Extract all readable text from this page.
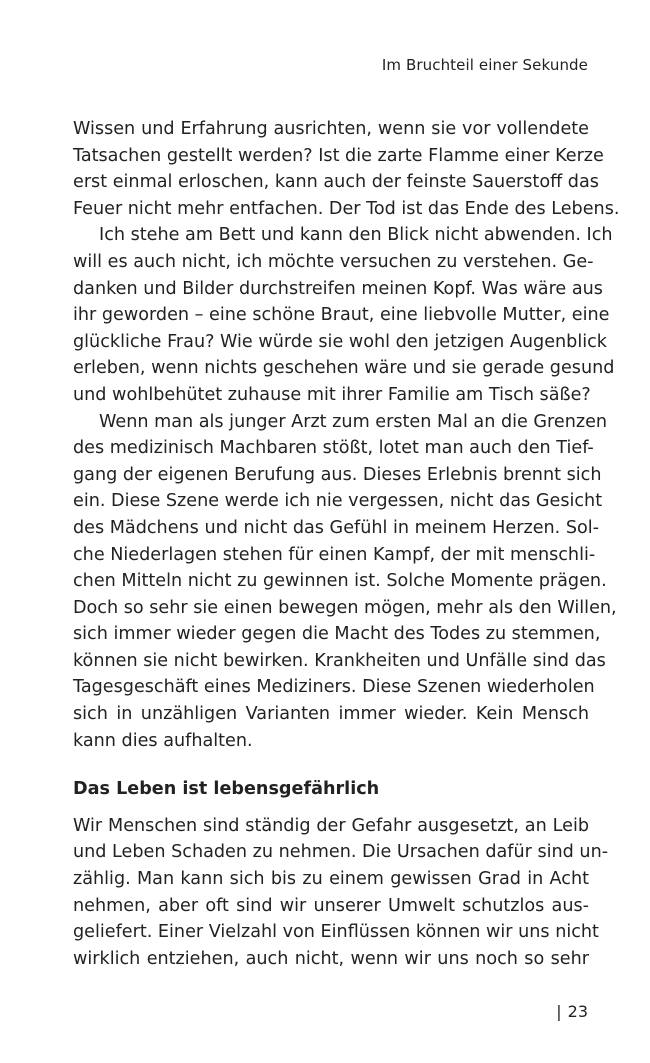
Im Bruchteil einer Sekunde
Wissen und Erfahrung ausrichten, wenn sie vor vollendete
Tatsachen gestellt werden? Ist die zarte Flamme einer Kerze
erst einmal erloschen, kann auch der feinste Sauerstoff das
Feuer nicht mehr entfachen. Der Tod ist das Ende des Lebens.
Ich stehe am Bett und kann den Blick nicht abwenden. Ich
will es auch nicht, ich möchte versuchen zu verstehen. Ge-
danken und Bilder durchstreifen meinen Kopf. Was wäre aus
ihr geworden – eine schöne Braut, eine liebvolle Mutter, eine
glückliche Frau? Wie würde sie wohl den jetzigen Augenblick
erleben, wenn nichts geschehen wäre und sie gerade gesund
und wohlbehütet zuhause mit ihrer Familie am Tisch säße?
Wenn man als junger Arzt zum ersten Mal an die Grenzen
des medizinisch Machbaren stößt, lotet man auch den Tief-
gang der eigenen Berufung aus. Dieses Erlebnis brennt sich
ein. Diese Szene werde ich nie vergessen, nicht das Gesicht
des Mädchens und nicht das Gefühl in meinem Herzen. Sol-
che Niederlagen stehen für einen Kampf, der mit menschli-
chen Mitteln nicht zu gewinnen ist. Solche Momente prägen.
Doch so sehr sie einen bewegen mögen, mehr als den Willen,
sich immer wieder gegen die Macht des Todes zu stemmen,
können sie nicht bewirken. Krankheiten und Unfälle sind das
Tagesgeschäft eines Mediziners. Diese Szenen wiederholen
sich in unzähligen Varianten immer wieder. Kein Mensch
kann dies aufhalten.
Das Leben ist lebensgefährlich
Wir Menschen sind ständig der Gefahr ausgesetzt, an Leib
und Leben Schaden zu nehmen. Die Ursachen dafür sind un-
zählig. Man kann sich bis zu einem gewissen Grad in Acht
nehmen, aber oft sind wir unserer Umwelt schutzlos aus-
geliefert. Einer Vielzahl von Einflüssen können wir uns nicht
wirklich entziehen, auch nicht, wenn wir uns noch so sehr
| 23
